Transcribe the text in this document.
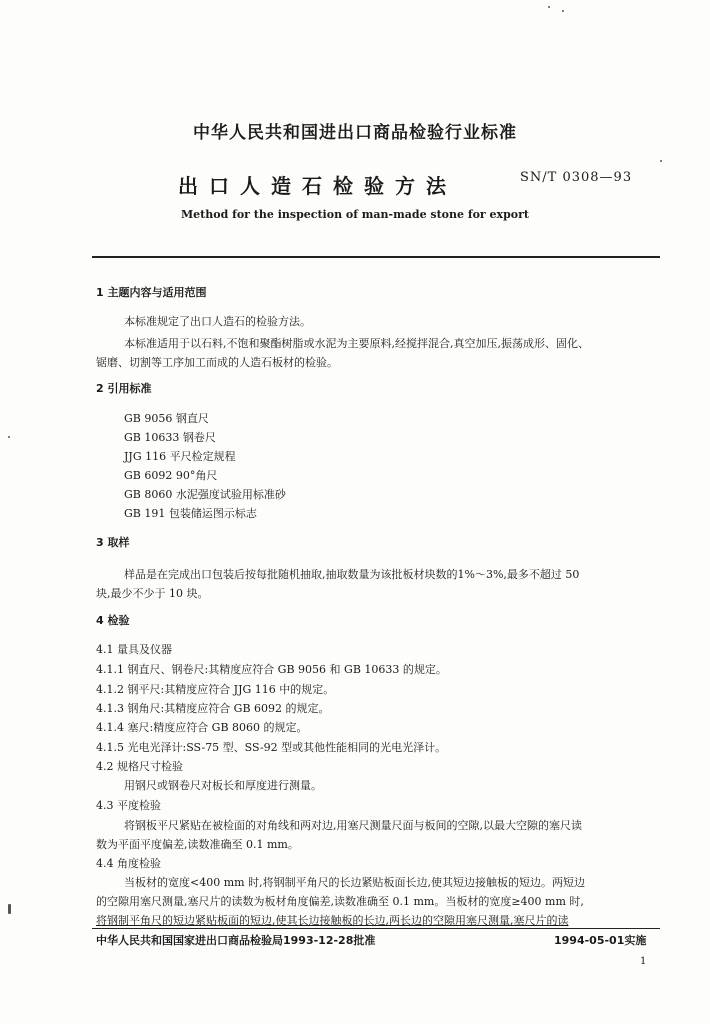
中华人民共和国进出口商品检验行业标准
出口人造石检验方法	SN/T 0308—93
Method for the inspection of man-made stone for export
1 主题内容与适用范围
本标准规定了出口人造石的检验方法。
本标准适用于以石料,不饱和聚酯树脂或水泥为主要原料,经搅拌混合,真空加压,振荡成形、固化、
锯磨、切割等工序加工而成的人造石板材的检验。
2 引用标准
GB 9056 钢直尺
GB 10633 钢卷尺
JJG 116 平尺检定规程
GB 6092 90°角尺
GB 8060 水泥强度试验用标准砂
GB 191 包装储运图示标志
3 取样
样品是在完成出口包装后按每批随机抽取,抽取数量为该批板材块数的1%～3%,最多不超过 50
块,最少不少于 10 块。
4 检验
4.1 量具及仪器
4.1.1 钢直尺、钢卷尺:其精度应符合 GB 9056 和 GB 10633 的规定。
4.1.2 钢平尺:其精度应符合 JJG 116 中的规定。
4.1.3 钢角尺:其精度应符合 GB 6092 的规定。
4.1.4 塞尺:精度应符合 GB 8060 的规定。
4.1.5 光电光泽计:SS-75 型、SS-92 型或其他性能相同的光电光泽计。
4.2 规格尺寸检验
用钢尺或钢卷尺对板长和厚度进行测量。
4.3 平度检验
将钢板平尺紧贴在被检面的对角线和两对边,用塞尺测量尺面与板间的空隙,以最大空隙的塞尺读
数为平面平度偏差,读数准确至 0.1 mm。
4.4 角度检验
当板材的宽度<400 mm 时,将钢制平角尺的长边紧贴板面长边,使其短边接触板的短边。两短边
的空隙用塞尺测量,塞尺片的读数为板材角度偏差,读数准确至 0.1 mm。当板材的宽度≥400 mm 时,
将钢制平角尺的短边紧贴板面的短边,使其长边接触板的长边,两长边的空隙用塞尺测量,塞尺片的读
中华人民共和国国家进出口商品检验局1993-12-28批准	1994-05-01实施
1
